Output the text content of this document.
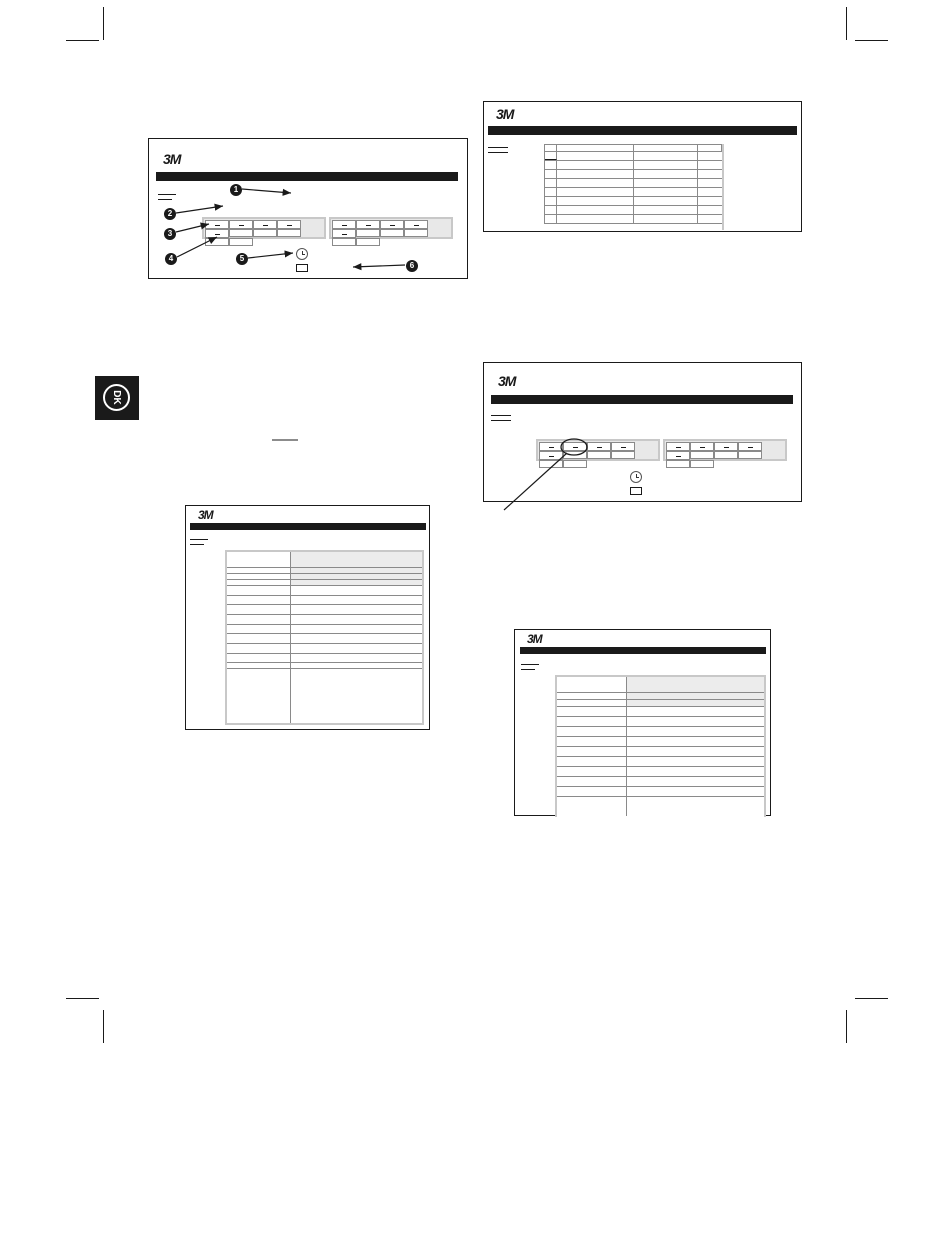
DK
3M
1
2
3
4	5
6
3M
3M
3M
3M
